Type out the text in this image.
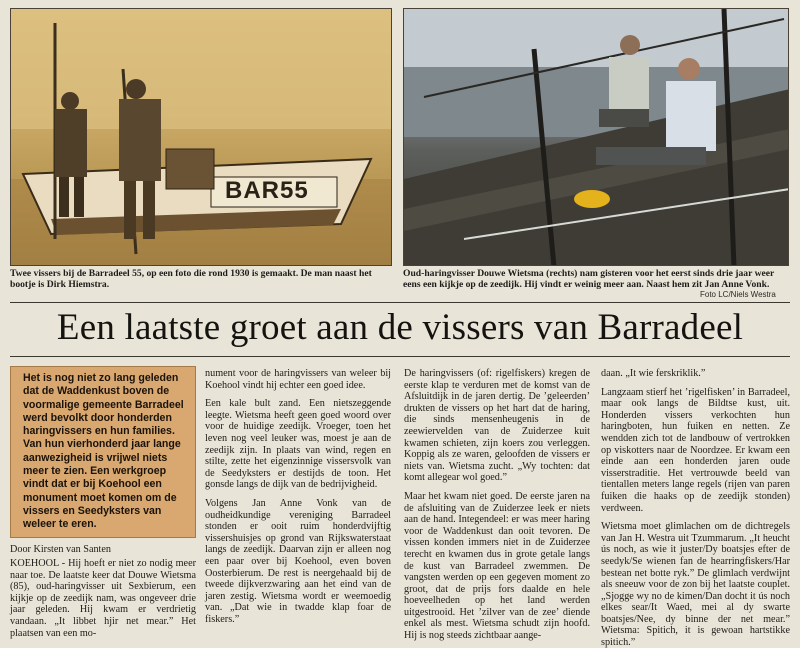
BAR55
Twee vissers bij de Barradeel 55, op een foto die rond 1930 is gemaakt. De man naast het bootje is Dirk Hiemstra.
Oud-haringvisser Douwe Wietsma (rechts) nam gisteren voor het eerst sinds drie jaar weer eens een kijkje op de zeedijk. Hij vindt er weinig meer aan. Naast hem zit Jan Anne Vonk.
Foto LC/Niels Westra
Een laatste groet aan de vissers van Barradeel
Het is nog niet zo lang geleden dat de Waddenkust boven de voormalige gemeente Barradeel werd bevolkt door honderden haringvissers en hun families. Van hun vierhonderd jaar lange aanwezigheid is vrijwel niets meer te zien. Een werkgroep vindt dat er bij Koehool een monument moet komen om de vissers en Seedyksters van weleer te eren.
Door Kirsten van Santen

KOEHOOL - Hij hoeft er niet zo nodig meer naar toe. De laatste keer dat Douwe Wietsma (85), oud-haringvisser uit Sexbierum, een kijkje op de zeedijk nam, was ongeveer drie jaar geleden. Hij kwam er verdrietig vandaan. „It libbet hjir net mear.” Het plaatsen van een mo-

nument voor de haringvissers van weleer bij Koehool vindt hij echter een goed idee.

Een kale bult zand. Een nietszeggende leegte. Wietsma heeft geen goed woord over voor de huidige zeedijk. Vroeger, toen het leven nog veel leuker was, moest je aan de zeedijk zijn. In plaats van wind, regen en stilte, zette het eigenzinnige vissersvolk van de Seedyksters er destijds de toon. Het gonsde langs de dijk van de bedrijvigheid.

Volgens Jan Anne Vonk van de oudheidkundige vereniging Barradeel stonden er ooit ruim honderdvijftig vissershuisjes op grond van Rijkswaterstaat langs de zeedijk. Daarvan zijn er alleen nog een paar over bij Koehool, even boven Oosterbierum. De rest is neergehaald bij de tweede dijkverzwaring aan het eind van de jaren zestig. Wietsma wordt er weemoedig van. „Dat wie in twadde klap foar de fiskers.”

De haringvissers (of: rigelfiskers) kregen de eerste klap te verduren met de komst van de Afsluitdijk in de jaren dertig. De ’geleerden’ drukten de vissers op het hart dat de haring, die sinds mensenheugenis in de zeewiervelden van de Zuiderzee kuit kwamen schieten, zijn koers zou verleggen. Koppig als ze waren, geloofden de vissers er niets van. Wietsma zucht. „Wy tochten: dat komt allegear wol goed.”

Maar het kwam niet goed. De eerste jaren na de afsluiting van de Zuiderzee leek er niets aan de hand. Integendeel: er was meer haring voor de Waddenkust dan ooit tevoren. De vissen konden immers niet in de Zuiderzee terecht en kwamen dus in grote getale langs de kust van Barradeel zwemmen. De vangsten werden op een gegeven moment zo groot, dat de prijs fors daalde en hele hoeveelheden op het land werden uitgestrooid. Het ’zilver van de zee’ diende enkel als mest. Wietsma schudt zijn hoofd. Hij is nog steeds zichtbaar aange-

daan. „It wie ferskriklik.”

Langzaam stierf het ’rigelfisken’ in Barradeel, maar ook langs de Bildtse kust, uit. Honderden vissers verkochten hun haringboten, hun fuiken en netten. Ze wendden zich tot de landbouw of vertrokken op viskotters naar de Noordzee. Er kwam een einde aan een honderden jaren oude visserstraditie. Het vertrouwde beeld van tientallen meters lange regels (rijen van paren fuiken die haaks op de zeedijk stonden) verdween.

Wietsma moet glimlachen om de dichtregels van Jan H. Westra uit Tzummarum. „It heucht ús noch, as wie it juster/Dy boatsjes efter de seedyk/Se wienen fan de hearringfiskers/Har bestean net botte ryk.” De glimlach verdwijnt als sneeuw voor de zon bij het laatste couplet. „Sjogge wy no de kimen/Dan docht it ús noch elkes sear/It Waed, mei al dy swarte boatsjes/Nee, dy binne der net mear.” Wietsma: Spitich, it is gewoan hartstikke spitich.”
